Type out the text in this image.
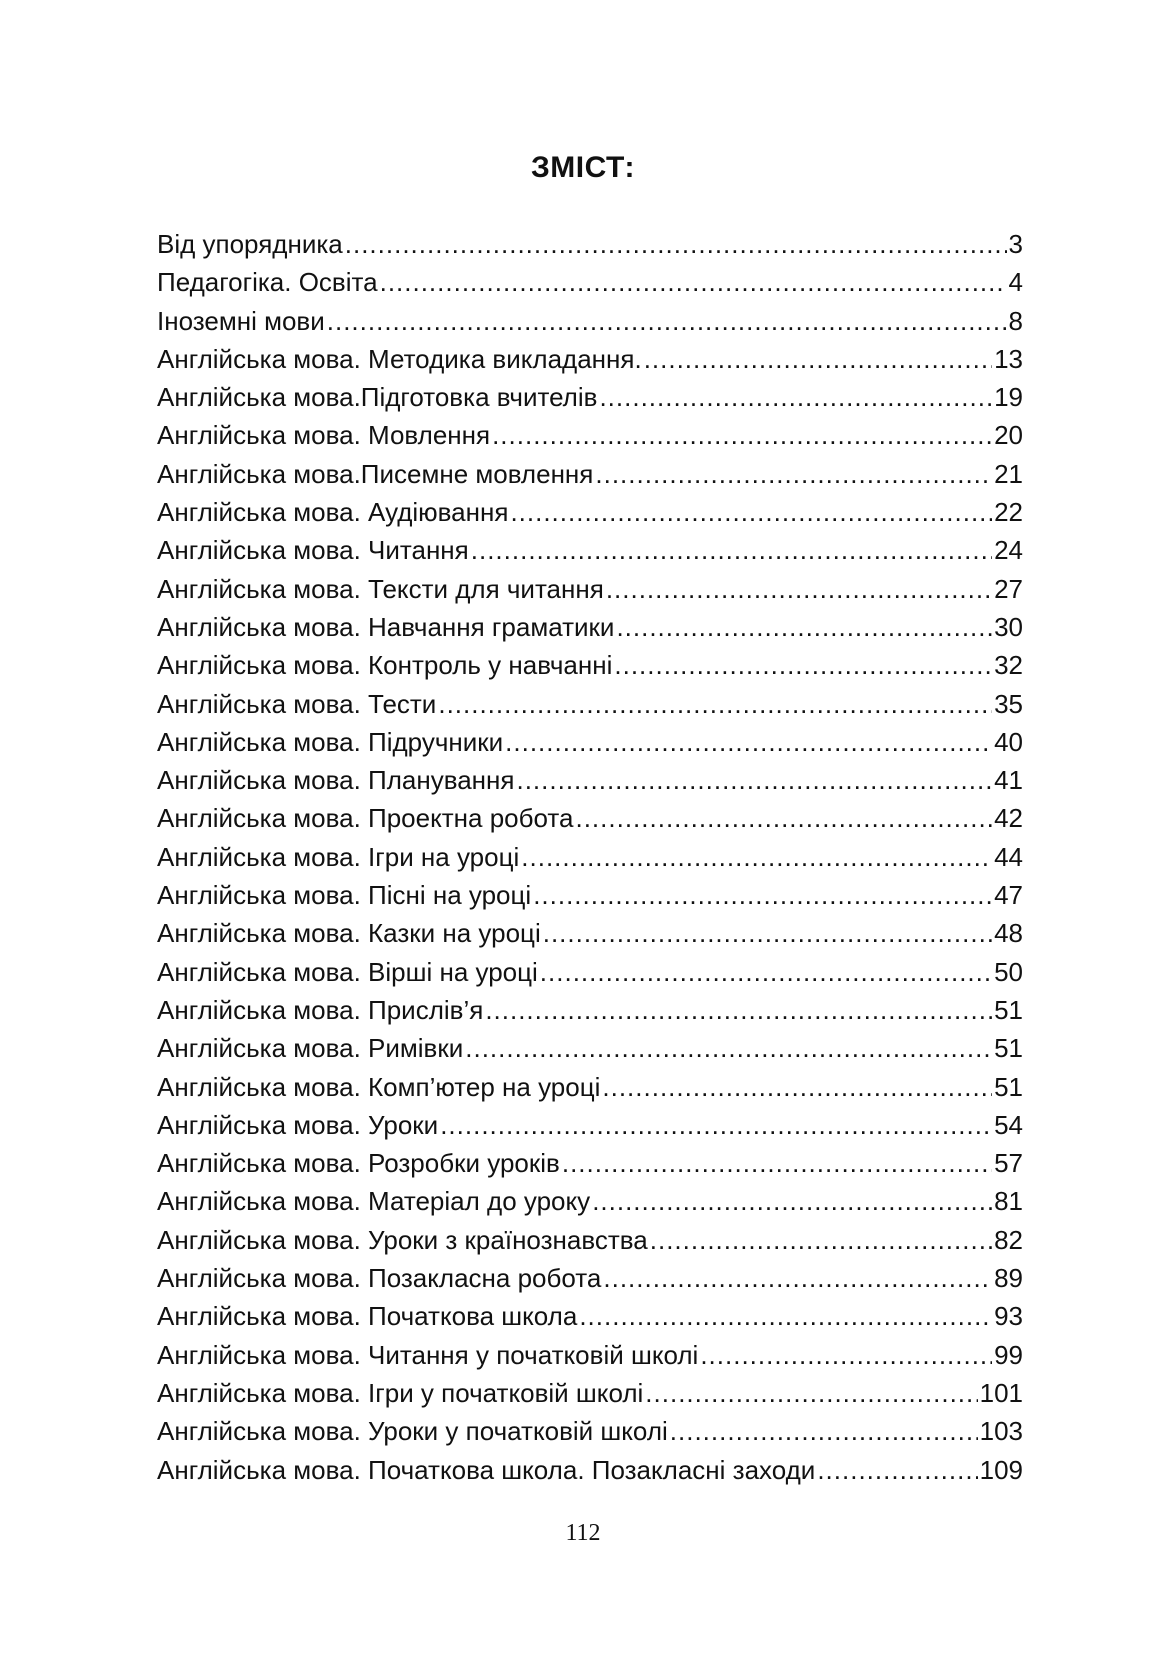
ЗМІСТ:
Від упорядника .....	3
Педагогіка. Освіта .....	4
Іноземні мови .....	8
Англійська мова. Методика викладання. .....	13
Англійська мова.Підготовка вчителів .....	19
Англійська мова. Мовлення .....	20
Англійська мова.Писемне мовлення .....	21
Англійська мова. Аудіювання .....	22
Англійська мова. Читання .....	24
Англійська мова. Тексти для читання .....	27
Англійська мова. Навчання граматики .....	30
Англійська мова. Контроль у навчанні .....	32
Англійська мова. Тести .....	35
Англійська мова. Підручники .....	40
Англійська мова. Планування .....	41
Англійська мова. Проектна робота .....	42
Англійська мова. Ігри на уроці .....	44
Англійська мова. Пісні на уроці .....	47
Англійська мова. Казки на уроці .....	48
Англійська мова. Вірші на уроці .....	50
Англійська мова. Прислів’я .....	51
Англійська мова. Римівки .....	51
Англійська мова. Комп’ютер на уроці .....	51
Англійська мова. Уроки .....	54
Англійська мова. Розробки уроків .....	57
Англійська мова. Матеріал до уроку .....	81
Англійська мова. Уроки з країнознавства .....	82
Англійська мова. Позакласна робота .....	89
Англійська мова. Початкова школа .....	93
Англійська мова. Читання у початковій школі .....	99
Англійська мова. Ігри у початковій школі .....	101
Англійська мова. Уроки у початковій школі .....	103
Англійська мова. Початкова школа. Позакласні заходи .....	109
112
